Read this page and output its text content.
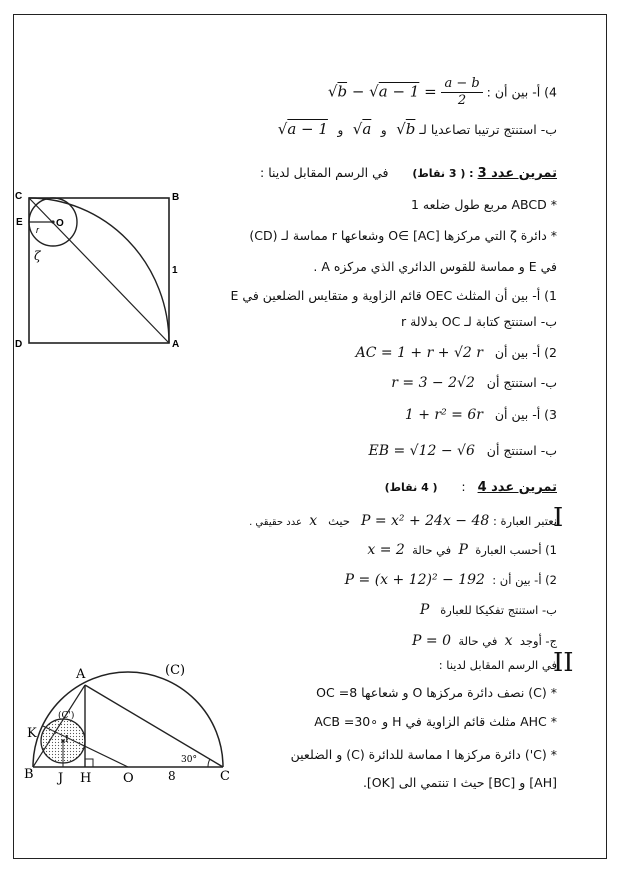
4) أ- بين أن : $√b - √a - 1 = \frac{a - b}{2}$
ب- استنتج ترتيبا تصاعديا لـ √a − 1 و  √a و  √b
تمرين عدد 3 : ( 3 نقاط)      في الرسم المقابل لدينا :
* ABCD مربع طول ضلعه 1
* دائرة ζ التي مركزها O∈ [AC] وشعاعها r مماسة لـ (CD)
في E و مماسة للقوس الدائري الذي مركزه A .
1) أ- بين أن المثلث OEC قائم الزاوية و متقايس الضلعين في E
ب- استنتج كتابة لـ OC بدلالة r
2) أ- بين أن   AC = 1 + r + √2 r
ب- استنتج أن   r = 3 − 2√2
3) أ- بين أن   1 + r² = 6r
ب- استنتج أن   EB = √12 − √6
تمرين عدد 4   :      ( 4 نقاط)
I
نعتبر العبارة : P = x² + 24x − 48   حيث   x  عدد حقيقي .
1) أحسب العبارة  P  في حالة  x = 2
2) أ- بين أن :  P = (x + 12)² − 192
ب- استنتج تفكيكا للعبارة   P
ج- أوجد  x  في حالة  P = 0
II
في الرسم المقابل لدينا :
* (C) نصف دائرة مركزها O و شعاعها 8= OC
* AHC مثلث قائم الزاوية في H و ∘30= ACB
* (C') دائرة مركزها I مماسة للدائرة (C) و الضلعين
[AH] و [BC] حيث I تنتمي الى [OK].
C	B
E	O
r
ζ
1
D	A
A	(C)
(C')
K	I
B J H O	8	C
30°
